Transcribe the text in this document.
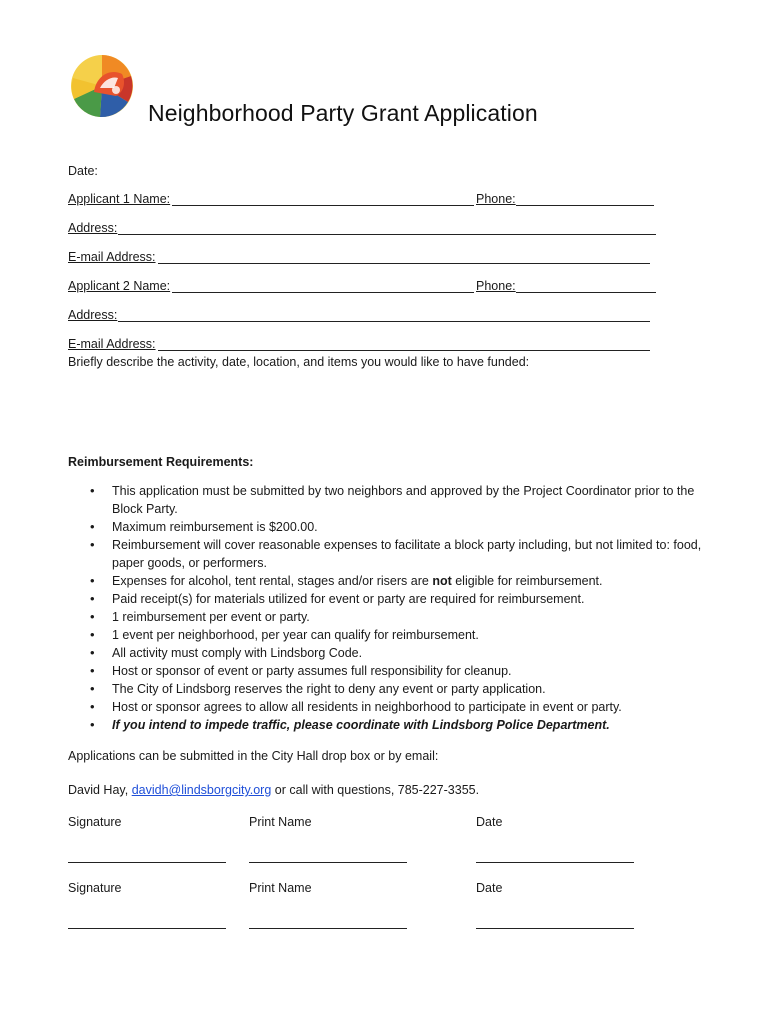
Neighborhood Party Grant Application
Date:
Applicant 1 Name:	Phone:
Address:
E-mail Address:
Applicant 2 Name:	Phone:
Address:
E-mail Address:
Briefly describe the activity, date, location, and items you would like to have funded:
Reimbursement Requirements:
• This application must be submitted by two neighbors and approved by the Project Coordinator prior to the Block Party.
• Maximum reimbursement is $200.00.
• Reimbursement will cover reasonable expenses to facilitate a block party including, but not limited to: food, paper goods, or performers.
• Expenses for alcohol, tent rental, stages and/or risers are not eligible for reimbursement.
• Paid receipt(s) for materials utilized for event or party are required for reimbursement.
• 1 reimbursement per event or party.
• 1 event per neighborhood, per year can qualify for reimbursement.
• All activity must comply with Lindsborg Code.
• Host or sponsor of event or party assumes full responsibility for cleanup.
• The City of Lindsborg reserves the right to deny any event or party application.
• Host or sponsor agrees to allow all residents in neighborhood to participate in event or party.
• If you intend to impede traffic, please coordinate with Lindsborg Police Department.
Applications can be submitted in the City Hall drop box or by email:
David Hay, davidh@lindsborgcity.org or call with questions, 785-227-3355.
Signature	Print Name	Date
Signature	Print Name	Date
